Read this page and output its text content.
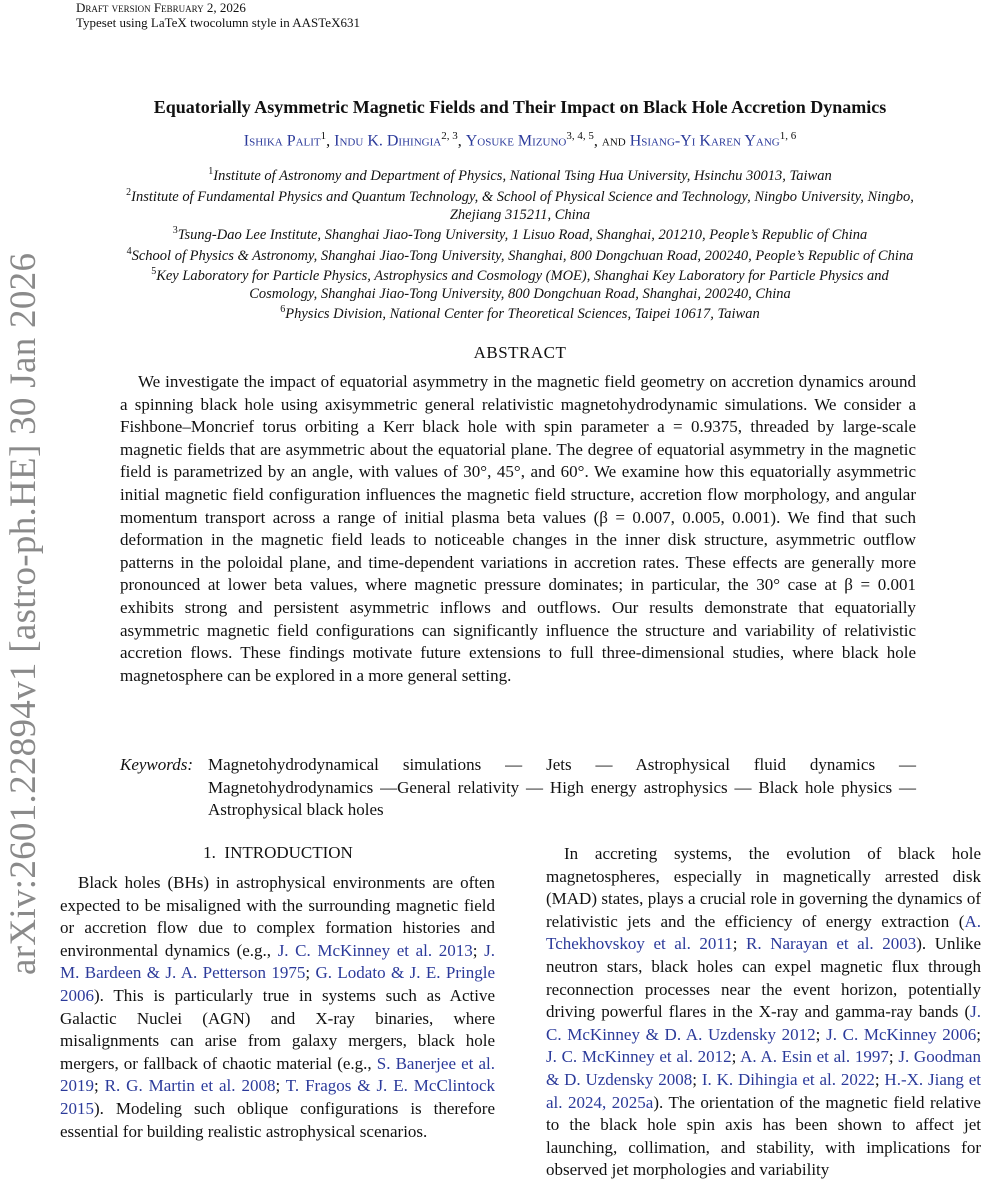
Draft version February 2, 2026
Typeset using LaTeX twocolumn style in AASTeX631
arXiv:2601.22894v1 [astro-ph.HE] 30 Jan 2026
Equatorially Asymmetric Magnetic Fields and Their Impact on Black Hole Accretion Dynamics
Ishika Palit$^1$, Indu K. Dihingia$^{2, 3}$, Yosuke Mizuno$^{3, 4, 5}$, and Hsiang-Yi Karen Yang$^{1, 6}$
$^1$Institute of Astronomy and Department of Physics, National Tsing Hua University, Hsinchu 30013, Taiwan
$^2$Institute of Fundamental Physics and Quantum Technology, & School of Physical Science and Technology, Ningbo University, Ningbo,
Zhejiang 315211, China
$^3$Tsung-Dao Lee Institute, Shanghai Jiao-Tong University, 1 Lisuo Road, Shanghai, 201210, People’s Republic of China
$^4$School of Physics & Astronomy, Shanghai Jiao-Tong University, Shanghai, 800 Dongchuan Road, 200240, People’s Republic of China
$^5$Key Laboratory for Particle Physics, Astrophysics and Cosmology (MOE), Shanghai Key Laboratory for Particle Physics and
Cosmology, Shanghai Jiao-Tong University, 800 Dongchuan Road, Shanghai, 200240, China
$^6$Physics Division, National Center for Theoretical Sciences, Taipei 10617, Taiwan
ABSTRACT
We investigate the impact of equatorial asymmetry in the magnetic field geometry on accretion dynamics around a spinning black hole using axisymmetric general relativistic magnetohydrodynamic simulations. We consider a Fishbone–Moncrief torus orbiting a Kerr black hole with spin parameter a = 0.9375, threaded by large-scale magnetic fields that are asymmetric about the equatorial plane. The degree of equatorial asymmetry in the magnetic field is parametrized by an angle, with values of 30°, 45°, and 60°. We examine how this equatorially asymmetric initial magnetic field configuration influences the magnetic field structure, accretion flow morphology, and angular momentum transport across a range of initial plasma beta values (β = 0.007, 0.005, 0.001). We find that such deformation in the magnetic field leads to noticeable changes in the inner disk structure, asymmetric outflow patterns in the poloidal plane, and time-dependent variations in accretion rates. These effects are generally more pronounced at lower beta values, where magnetic pressure dominates; in particular, the 30° case at β = 0.001 exhibits strong and persistent asymmetric inflows and outflows. Our results demonstrate that equatorially asymmetric magnetic field configurations can significantly influence the structure and variability of relativistic accretion flows. These findings motivate future extensions to full three-dimensional studies, where black hole magnetosphere can be explored in a more general setting.
Keywords: Magnetohydrodynamical simulations — Jets — Astrophysical fluid dynamics — Magnetohydrodynamics —General relativity — High energy astrophysics — Black hole physics — Astrophysical black holes
1. INTRODUCTION
Black holes (BHs) in astrophysical environments are often expected to be misaligned with the surrounding magnetic field or accretion flow due to complex formation histories and environmental dynamics (e.g., J. C. McKinney et al. 2013; J. M. Bardeen & J. A. Petterson 1975; G. Lodato & J. E. Pringle 2006). This is particularly true in systems such as Active Galactic Nuclei (AGN) and X-ray binaries, where misalignments can arise from galaxy mergers, black hole mergers, or fallback of chaotic material (e.g., S. Banerjee et al. 2019; R. G. Martin et al. 2008; T. Fragos & J. E. McClintock 2015). Modeling such oblique configurations is therefore essential for building realistic astrophysical scenarios.
In accreting systems, the evolution of black hole magnetospheres, especially in magnetically arrested disk (MAD) states, plays a crucial role in governing the dynamics of relativistic jets and the efficiency of energy extraction (A. Tchekhovskoy et al. 2011; R. Narayan et al. 2003). Unlike neutron stars, black holes can expel magnetic flux through reconnection processes near the event horizon, potentially driving powerful flares in the X-ray and gamma-ray bands (J. C. McKinney & D. A. Uzdensky 2012; J. C. McKinney 2006; J. C. McKinney et al. 2012; A. A. Esin et al. 1997; J. Goodman & D. Uzdensky 2008; I. K. Dihingia et al. 2022; H.-X. Jiang et al. 2024, 2025a). The orientation of the magnetic field relative to the black hole spin axis has been shown to affect jet launching, collimation, and stability, with implications for observed jet morphologies and variability
